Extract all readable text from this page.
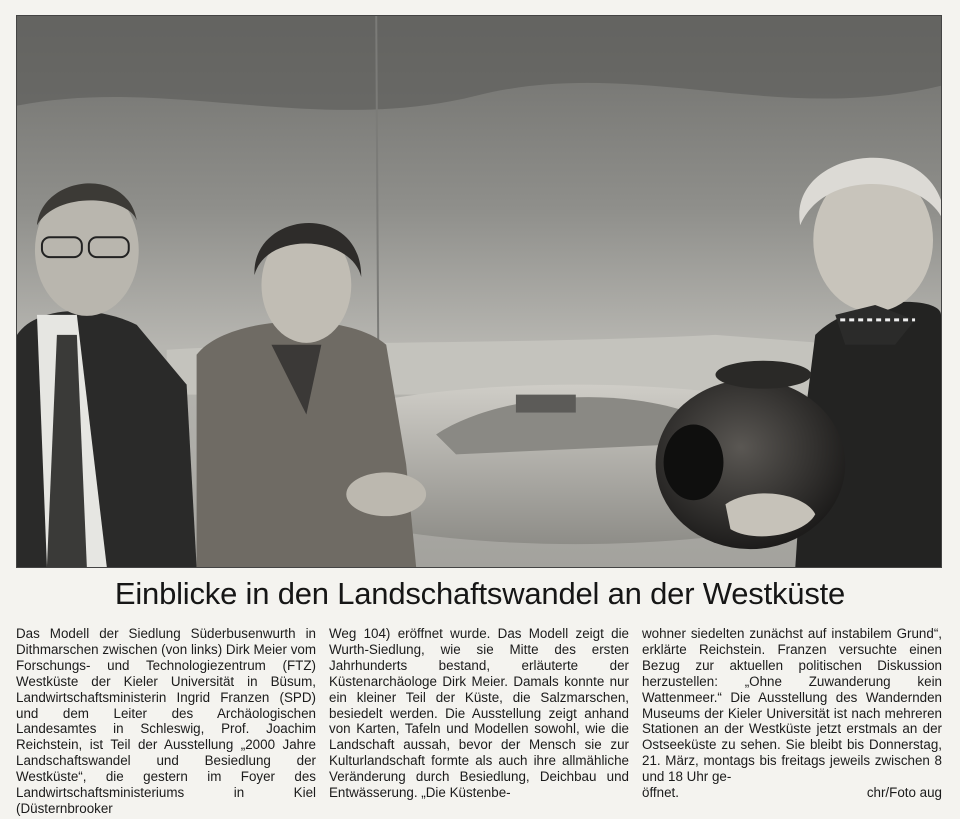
Einblicke in den Landschaftswandel an der Westküste

Das Modell der Siedlung Süderbusenwurth in Dithmarschen zwischen (von links) Dirk Meier vom Forschungs- und Technologiezentrum (FTZ) Westküste der Kieler Universität in Büsum, Landwirtschaftsministerin Ingrid Franzen (SPD) und dem Leiter des Archäologischen Landesamtes in Schleswig, Prof. Joachim Reichstein, ist Teil der Ausstellung „2000 Jahre Landschaftswandel und Besiedlung der Westküste“, die gestern im Foyer des Landwirtschaftsministeriums in Kiel (Düsternbrooker

Weg 104) eröffnet wurde. Das Modell zeigt die Wurth-Siedlung, wie sie Mitte des ersten Jahrhunderts bestand, erläuterte der Küstenarchäologe Dirk Meier. Damals konnte nur ein kleiner Teil der Küste, die Salzmarschen, besiedelt werden. Die Ausstellung zeigt anhand von Karten, Tafeln und Modellen sowohl, wie die Landschaft aussah, bevor der Mensch sie zur Kulturlandschaft formte als auch ihre allmähliche Veränderung durch Besiedlung, Deichbau und Entwässerung. „Die Küstenbe-

wohner siedelten zunächst auf instabilem Grund“, erklärte Reichstein. Franzen versuchte einen Bezug zur aktuellen politischen Diskussion herzustellen: „Ohne Zuwanderung kein Wattenmeer.“ Die Ausstellung des Wandernden Museums der Kieler Universität ist nach mehreren Stationen an der Westküste jetzt erstmals an der Ostseeküste zu sehen. Sie bleibt bis Donnerstag, 21. März, montags bis freitags jeweils zwischen 8 und 18 Uhr ge-
öffnet.	chr/Foto aug
